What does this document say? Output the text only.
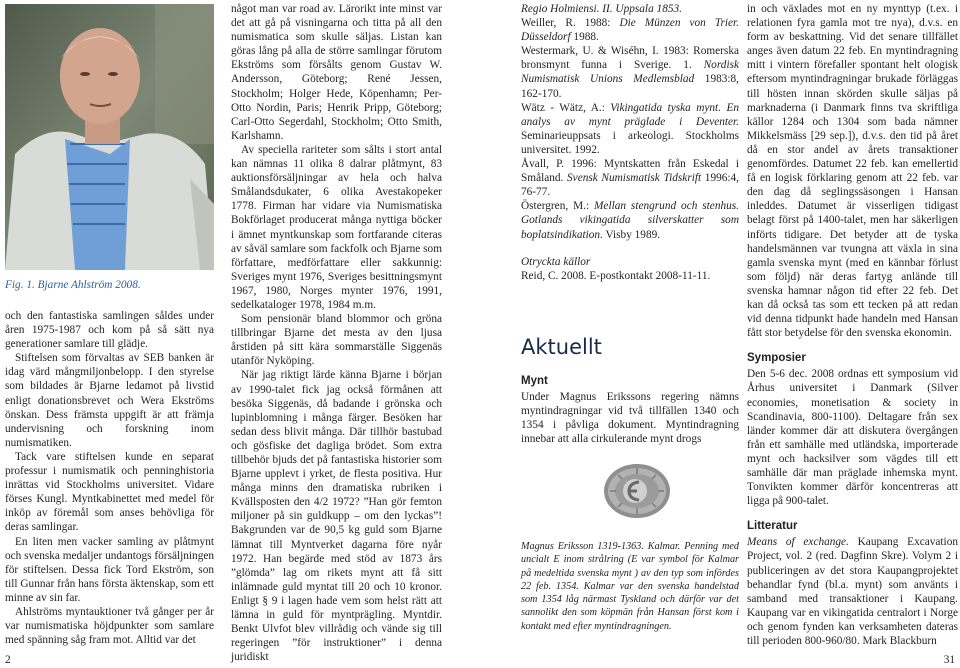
Fig. 1. Bjarne Ahlström 2008.

och den fantastiska samlingen såldes under åren 1975-1987 och kom på så sätt nya generationer samlare till glädje.

Stiftelsen som förvaltas av SEB banken är idag värd mångmiljonbelopp. I den styrelse som bildades är Bjarne ledamot på livstid enligt donationsbrevet och Wera Ekströms önskan. Dess främsta uppgift är att främja undervisning och forskning inom numismatiken.

Tack vare stiftelsen kunde en separat professur i numismatik och penninghistoria inrättas vid Stockholms universitet. Vidare förses Kungl. Myntkabinettet med medel för inköp av föremål som anses behövliga för deras samlingar.

En liten men vacker samling av plåtmynt och svenska medaljer undantogs försäljningen för stiftelsen. Dessa fick Tord Ekström, son till Gunnar från hans första äktenskap, som ett minne av sin far.

Ahlströms myntauktioner två gånger per år var numismatiska höjdpunkter som samlare med spänning såg fram mot. Alltid var det

2

något man var road av. Lärorikt inte minst var det att gå på visningarna och titta på all den numismatica som skulle säljas. Listan kan göras lång på alla de större samlingar förutom Ekströms som försålts genom Gustav W. Andersson, Göteborg; René Jessen, Stockholm; Holger Hede, Köpenhamn; Per-Otto Nordin, Paris; Henrik Pripp, Göteborg; Carl-Otto Segerdahl, Stockholm; Otto Smith, Karlshamn.

Av speciella rariteter som sålts i stort antal kan nämnas 11 olika 8 dalrar plåtmynt, 83 auktionsförsäljningar av hela och halva Smålandsdukater, 6 olika Avestakopeker 1778. Firman har vidare via Numismatiska Bokförlaget producerat många nyttiga böcker i ämnet myntkunskap som fortfarande citeras av såväl samlare som fackfolk och Bjarne som författare, medförfattare eller sakkunnig: Sveriges mynt 1976, Sveriges besittningsmynt 1967, 1980, Norges mynter 1976, 1991, sedelkataloger 1978, 1984 m.m.

Som pensionär bland blommor och gröna tillbringar Bjarne det mesta av den ljusa årstiden på sitt kära sommarställe Siggenäs utanför Nyköping.

När jag riktigt lärde känna Bjarne i början av 1990-talet fick jag också förmånen att besöka Siggenäs, då badande i grönska och lupinblomning i många färger. Besöken har sedan dess blivit många. Där tillhör bastubad och gösfiske det dagliga brödet. Som extra tillbehör bjuds det på fantastiska historier som Bjarne upplevt i yrket, de flesta positiva. Hur många minns den dramatiska rubriken i Kvällsposten den 4/2 1972? ”Han gör femton miljoner på sin guldkupp – om den lyckas”! Bakgrunden var de 90,5 kg guld som Bjarne lämnat till Myntverket dagarna före nyår 1972. Han begärde med stöd av 1873 års ”glömda” lag om rikets mynt att få sitt inlämnade guld myntat till 20 och 10 kronor. Enligt § 9 i lagen hade vem som helst rätt att lämna in guld för myntprägling. Myntdir. Benkt Ulvfot blev villrådig och vände sig till regeringen ”för instruktioner” i denna juridiskt

Regio Holmiensi. II. Uppsala 1853.

Weiller, R. 1988: Die Münzen von Trier. Düsseldorf 1988.

Westermark, U. & Wiséhn, I. 1983: Romerska bronsmynt funna i Sverige. 1. Nordisk Numismatisk Unions Medlemsblad 1983:8, 162-170.

Wätz - Wätz, A.: Vikingatida tyska mynt. En analys av mynt präglade i Deventer. Seminarieuppsats i arkeologi. Stockholms universitet. 1992.

Åvall, P. 1996: Myntskatten från Eskedal i Småland. Svensk Numismatisk Tidskrift 1996:4, 76-77.

Östergren, M.: Mellan stengrund och stenhus. Gotlands vikingatida silverskatter som boplatsindikation. Visby 1989.

Otryckta källor

Reid, C. 2008. E-postkontakt 2008-11-11.

Aktuellt
Mynt

Under Magnus Erikssons regering nämns myntindragningar vid två tillfällen 1340 och 1354 i påvliga dokument. Myntindragning innebar att alla cirkulerande mynt drogs

Magnus Eriksson 1319-1363. Kalmar. Penning med uncialt E inom strålring (E var symbol för Kalmar på medeltida svenska mynt ) av den typ som infördes 22 feb. 1354. Kalmar var den svenska handelstad som 1354 låg närmast Tyskland och därför var det sannolikt den som köpmän från Hansan först kom i kontakt med efter myntindragningen.

in och växlades mot en ny mynttyp (t.ex. i relationen fyra gamla mot tre nya), d.v.s. en form av beskattning. Vid det senare tillfället anges även datum 22 feb. En myntindragning mitt i vintern förefaller spontant helt ologisk eftersom myntindragningar brukade förläggas till hösten innan skörden skulle säljas på marknaderna (i Danmark finns tva skriftliga källor 1284 och 1304 som bada nämner Mikkelsmäss [29 sep.]), d.v.s. den tid på året då en stor andel av årets transaktioner genomfördes. Datumet 22 feb. kan emellertid få en logisk förklaring genom att 22 feb. var den dag då seglingssäsongen i Hansan inleddes. Datumet är visserligen tidigast belagt först på 1400-talet, men har säkerligen införts tidigare. Det betyder att de tyska handelsmännen var tvungna att växla in sina gamla svenska mynt (med en kännbar förlust som följd) när deras fartyg anlände till svenska hamnar någon tid efter 22 feb. Det kan då också tas som ett tecken på att redan vid denna tidpunkt hade handeln med Hansan fått stor betydelse för den svenska ekonomin.

Symposier

Den 5-6 dec. 2008 ordnas ett symposium vid Århus universitet i Danmark (Silver economies, monetisation & society in Scandinavia, 800-1100). Deltagare från sex länder kommer där att diskutera övergången från ett samhälle med utländska, importerade mynt och hacksilver som vägdes till ett samhälle där man präglade inhemska mynt. Tonvikten kommer därför koncentreras att ligga på 900-talet.

Litteratur

Means of exchange. Kaupang Excavation Project, vol. 2 (red. Dagfinn Skre). Volym 2 i publiceringen av det stora Kaupangprojektet behandlar fynd (bl.a. mynt) som använts i samband med transaktioner i Kaupang. Kaupang var en vikingatida centralort i Norge och genom fynden kan verksamheten dateras till perioden 800-960/80. Mark Blackburn

31
